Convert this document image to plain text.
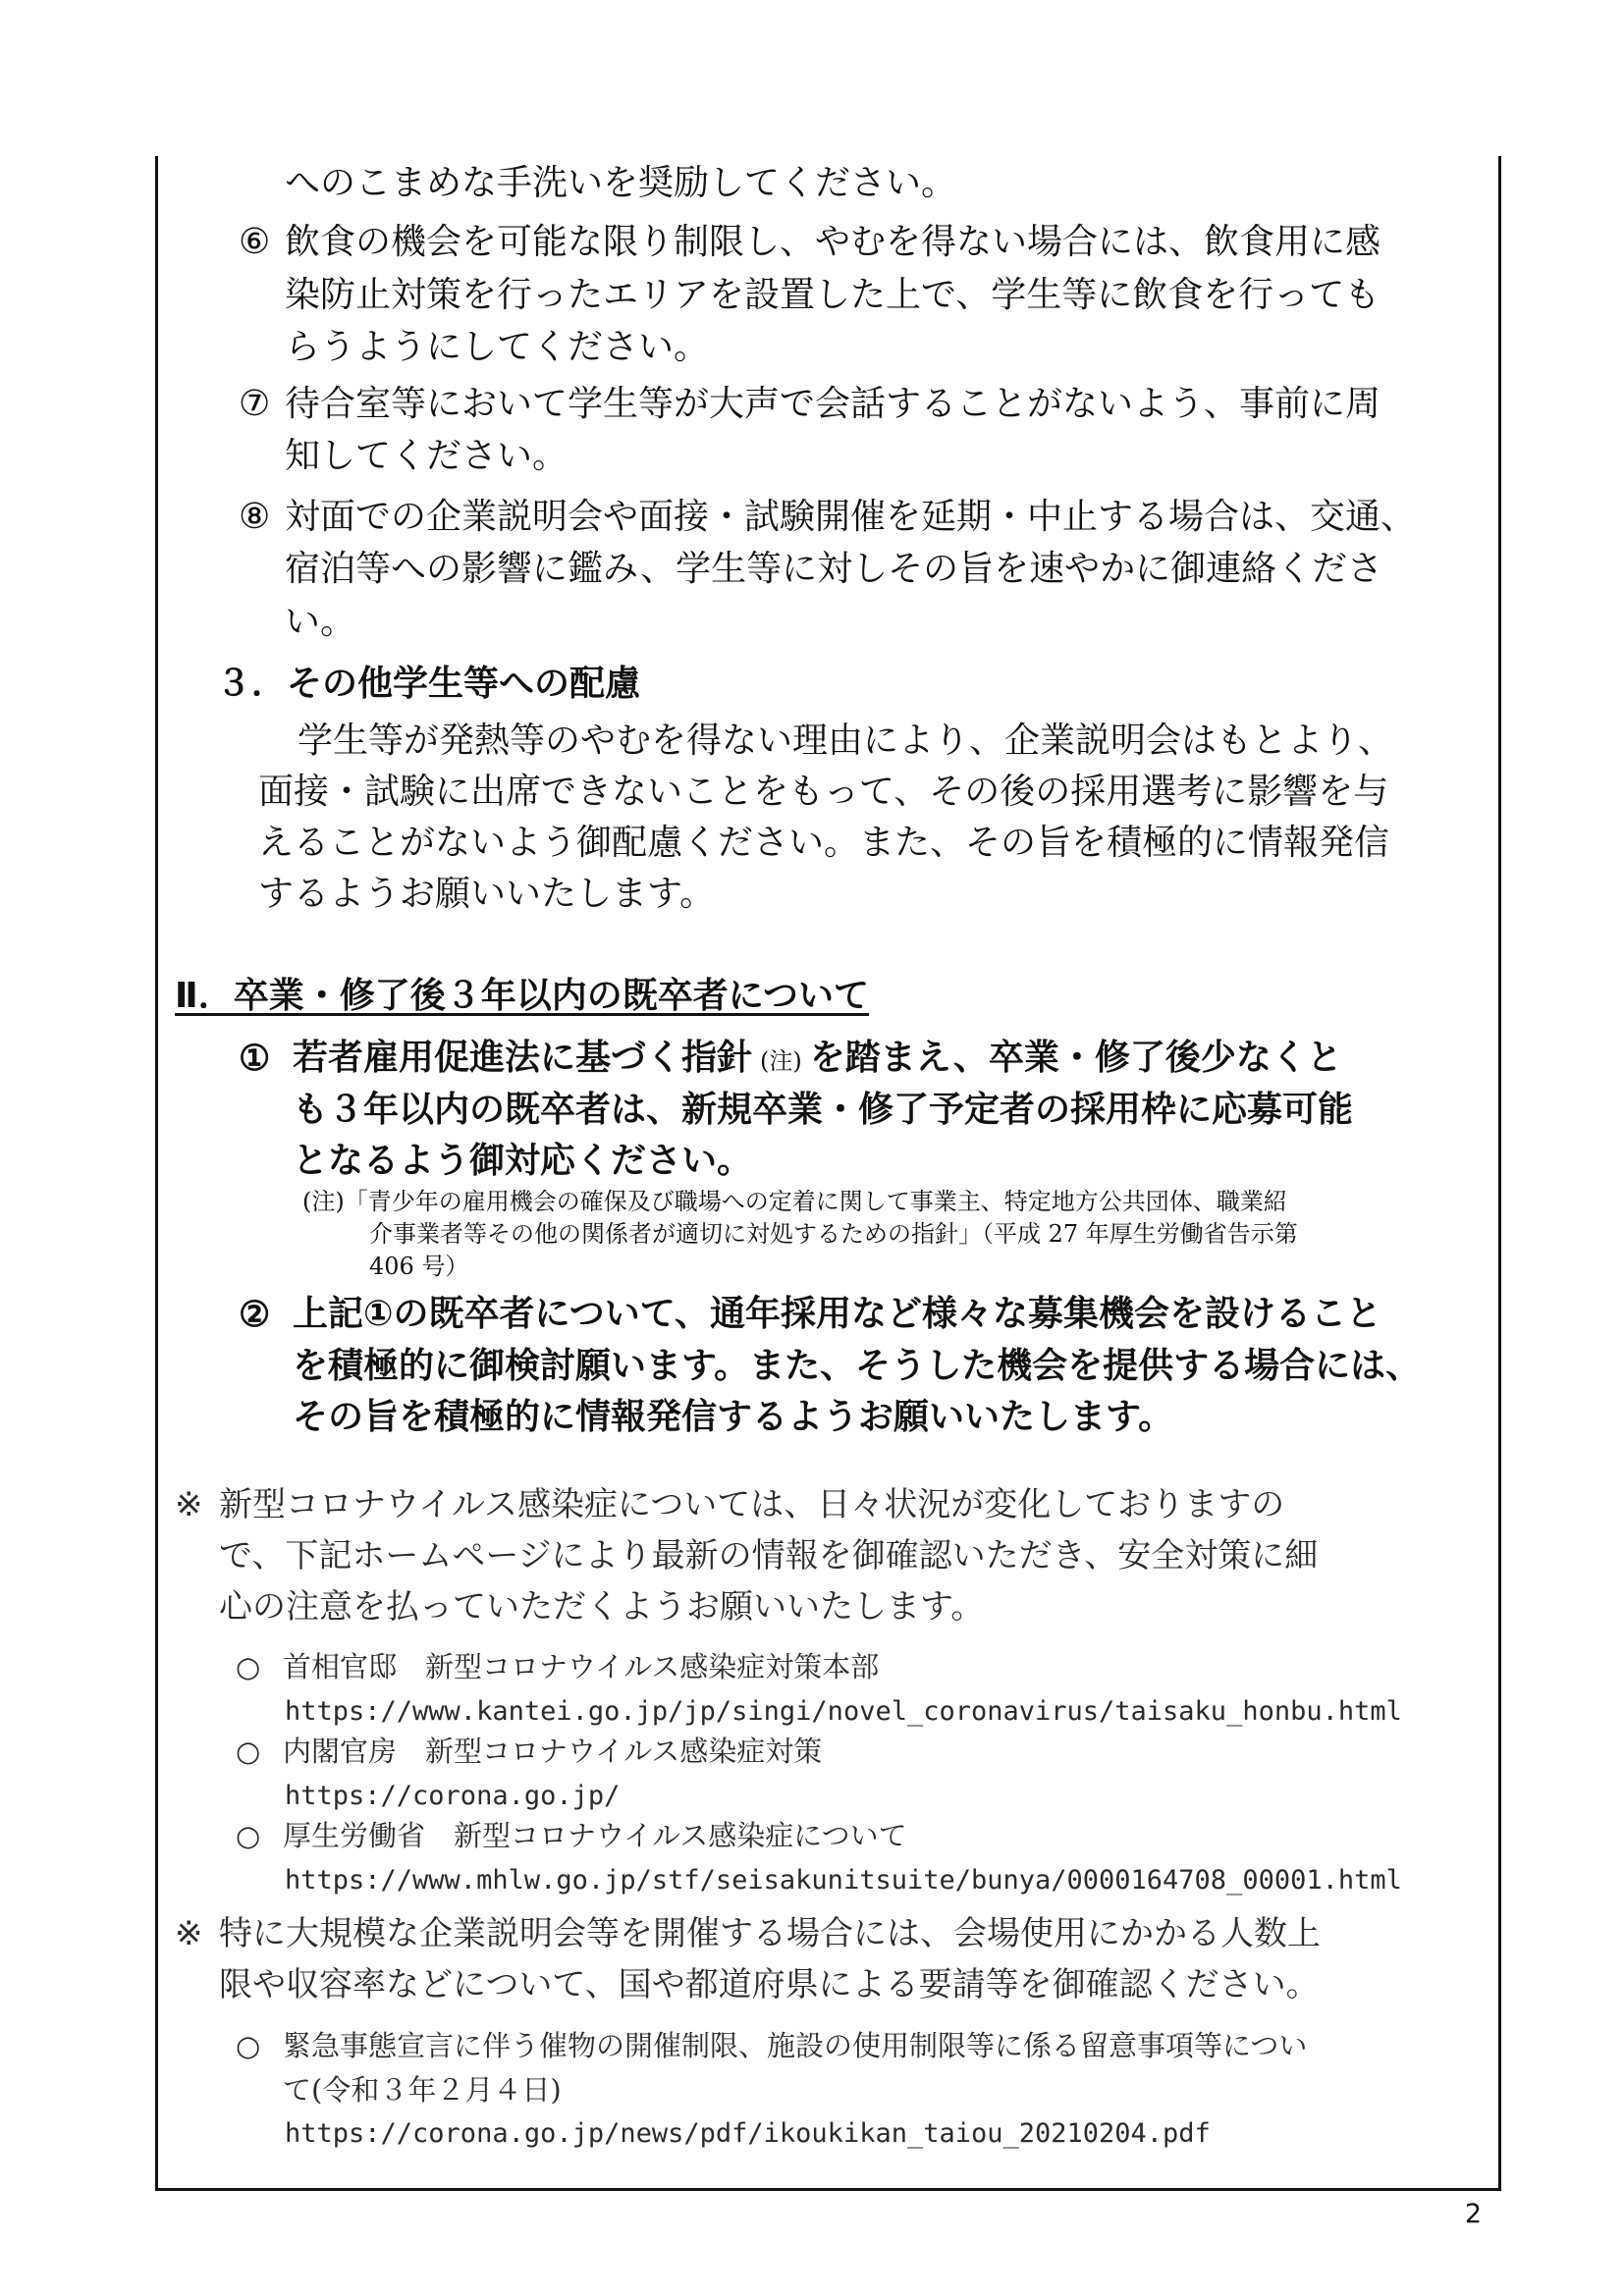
へのこまめな手洗いを奨励してください。

⑥ 飲食の機会を可能な限り制限し、やむを得ない場合には、飲食用に感

染防止対策を行ったエリアを設置した上で、学生等に飲食を行っても

らうようにしてください。

⑦ 待合室等において学生等が大声で会話することがないよう、事前に周

知してください。

⑧ 対面での企業説明会や面接・試験開催を延期・中止する場合は、交通、

宿泊等への影響に鑑み、学生等に対しその旨を速やかに御連絡くださ

い。

３．その他学生等への配慮

学生等が発熱等のやむを得ない理由により、企業説明会はもとより、

面接・試験に出席できないことをもって、その後の採用選考に影響を与

えることがないよう御配慮ください。また、その旨を積極的に情報発信

するようお願いいたします。

Ⅱ．卒業・修了後３年以内の既卒者について

① 若者雇用促進法に基づく指針 (注) を踏まえ、卒業・修了後少なくと

も３年以内の既卒者は、新規卒業・修了予定者の採用枠に応募可能

となるよう御対応ください。

(注)「青少年の雇用機会の確保及び職場への定着に関して事業主、特定地方公共団体、職業紹

介事業者等その他の関係者が適切に対処するための指針」（平成 27 年厚生労働省告示第

406 号）

② 上記①の既卒者について、通年採用など様々な募集機会を設けること

を積極的に御検討願います。また、そうした機会を提供する場合には、

その旨を積極的に情報発信するようお願いいたします。

※ 新型コロナウイルス感染症については、日々状況が変化しておりますの

で、下記ホームページにより最新の情報を御確認いただき、安全対策に細

心の注意を払っていただくようお願いいたします。

○ 首相官邸　新型コロナウイルス感染症対策本部

https://www.kantei.go.jp/jp/singi/novel_coronavirus/taisaku_honbu.html

○ 内閣官房　新型コロナウイルス感染症対策

https://corona.go.jp/

○ 厚生労働省　新型コロナウイルス感染症について

https://www.mhlw.go.jp/stf/seisakunitsuite/bunya/0000164708_00001.html

※ 特に大規模な企業説明会等を開催する場合には、会場使用にかかる人数上

限や収容率などについて、国や都道府県による要請等を御確認ください。

○ 緊急事態宣言に伴う催物の開催制限、施設の使用制限等に係る留意事項等につい

て(令和３年２月４日)

https://corona.go.jp/news/pdf/ikoukikan_taiou_20210204.pdf

2
